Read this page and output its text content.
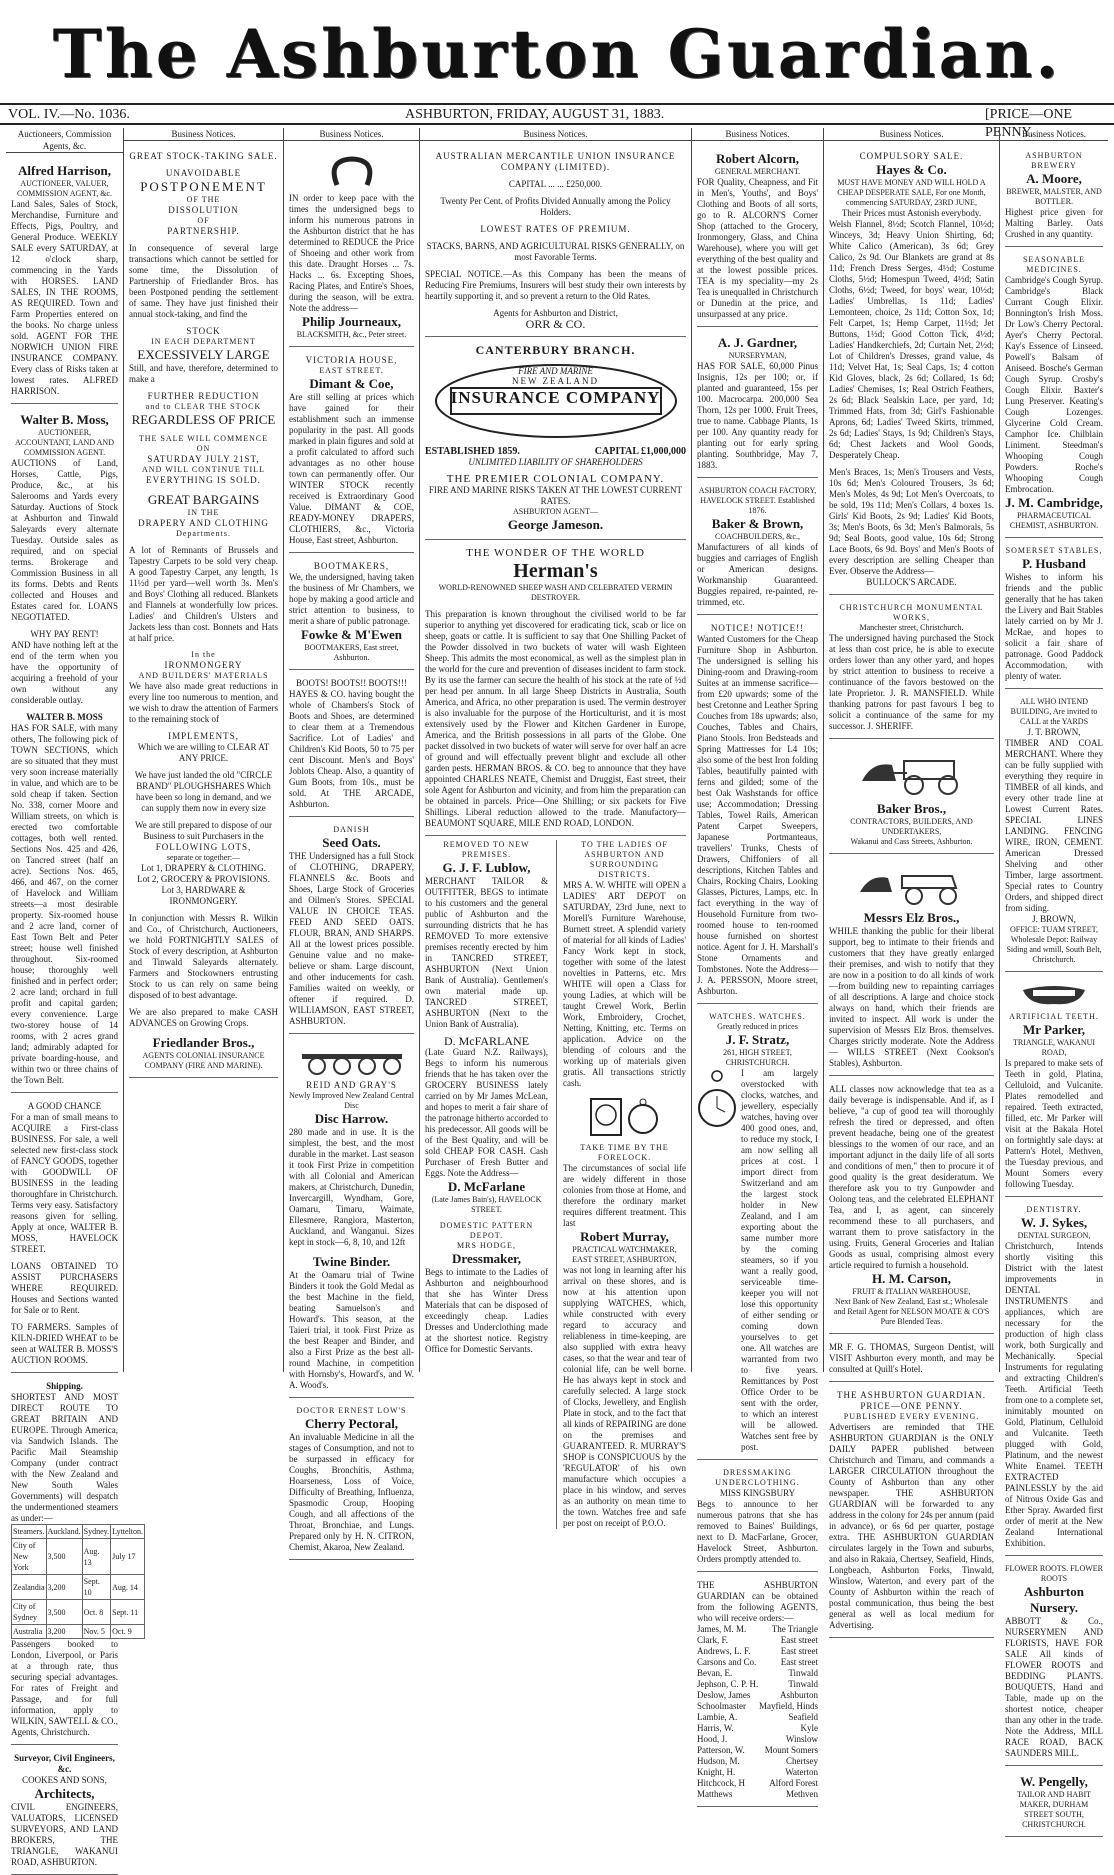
The Ashburton Guardian.
VOL. IV.—No. 1036.	ASHBURTON, FRIDAY, AUGUST 31, 1883.	[PRICE—ONE PENNY.
Auctioneers, Commission Agents, &c.
Alfred Harrison,
AUCTIONEER, VALUER, COMMISSION AGENT, &c.
Land Sales, Sales of Stock, Merchandise, Furniture and Effects, Pigs, Poultry, and General Produce. WEEKLY SALE every SATURDAY, at 12 o'clock sharp, commencing in the Yards with HORSES. LAND SALES, IN THE ROOMS, AS REQUIRED. Town and Farm Properties entered on the books. No charge unless sold. AGENT FOR THE NORWICH UNION FIRE INSURANCE COMPANY. Every class of Risks taken at lowest rates. ALFRED HARRISON.
Walter B. Moss,
AUCTIONEER, ACCOUNTANT, LAND AND COMMISSION AGENT.
AUCTIONS of Land, Horses, Cattle, Pigs, Produce, &c., at his Salerooms and Yards every Saturday. Auctions of Stock at Ashburton and Tinwald Saleyards every alternate Tuesday. Outside sales as required, and on special terms. Brokerage and Commission Business in all its forms. Debts and Rents collected and Houses and Estates cared for. LOANS NEGOTIATED.
WHY PAY RENT!
AND have nothing left at the end of the term when you have the opportunity of acquiring a freehold of your own without any considerable outlay.
WALTER B. MOSS
HAS FOR SALE, with many others, The following pick of TOWN SECTIONS, which are so situated that they must very soon increase materially in value, and which are to be sold cheap if taken. Section No. 338, corner Moore and William streets, on which is erected two comfortable cottages, both well rented. Sections Nos. 425 and 426, on Tancred street (half an acre). Sections Nos. 465, 466, and 467, on the corner of Havelock and William streets—a most desirable property. Six-roomed house and 2 acre land, corner of East Town Belt and Peter street; house well finished throughout. Six-roomed house; thoroughly well finished and in perfect order; 2 acre land; orchard in full profit and capital garden; every convenience. Large two-storey house of 14 rooms, with 2 acres grand land; admirably adapted for private boarding-house, and within two or three chains of the Town Belt.
A GOOD CHANCE
For a man of small means to ACQUIRE a First-class BUSINESS. For sale, a well selected new first-class stock of FANCY GOODS, together with GOODWILL OF BUSINESS in the leading thoroughfare in Christchurch. Terms very easy. Satisfactory reasons given for selling. Apply at once, WALTER B. MOSS, HAVELOCK STREET.
LOANS OBTAINED TO ASSIST PURCHASERS WHERE REQUIRED. Houses and Sections wanted for Sale or to Rent.
TO FARMERS. Samples of KILN-DRIED WHEAT to be seen at WALTER B. MOSS'S AUCTION ROOMS.
Shipping.
SHORTEST AND MOST DIRECT ROUTE TO GREAT BRITAIN AND EUROPE. Through America, via Sandwich Islands. The Pacific Mail Steamship Company (under contract with the New Zealand and New South Wales Governments) will despatch the undermentioned steamers as under:—
Steamers.	Auckland.	Sydney.	Lyttelton.
City of New York	3,500	Aug. 13	July 17
Zealandia	3,200	Sept. 10	Aug. 14
City of Sydney	3,500	Oct. 8	Sept. 11
Australia	3,200	Nov. 5	Oct. 9
Passengers booked to London, Liverpool, or Paris at a through rate, thus securing special advantages. For rates of Freight and Passage, and for full information, apply to WILKIN, SAWTELL & CO., Agents, Christchurch.
Surveyor, Civil Engineers, &c.
COOKES AND SONS,
Architects,
CIVIL ENGINEERS, VALUATORS, LICENSED SURVEYORS, AND LAND BROKERS, THE TRIANGLE, WAKANUI ROAD, ASHBURTON.
Business Notices.
GREAT STOCK-TAKING SALE.
UNAVOIDABLE
POSTPONEMENT
OF THE
DISSOLUTION
OF
PARTNERSHIP.
In consequence of several large transactions which cannot be settled for some time, the Dissolution of Partnership of Friedlander Bros. has been Postponed pending the settlement of same. They have just finished their annual stock-taking, and find the
STOCK
IN EACH DEPARTMENT
EXCESSIVELY LARGE
Still, and have, therefore, determined to make a
FURTHER REDUCTION
and to CLEAR THE STOCK
REGARDLESS OF PRICE
THE SALE WILL COMMENCE
ON
SATURDAY JULY 21ST,
AND WILL CONTINUE TILL
EVERYTHING IS SOLD.
GREAT BARGAINS
IN THE
DRAPERY AND CLOTHING
Departments.
A lot of Remnants of Brussels and Tapestry Carpets to be sold very cheap. A good Tapestry Carpet, any length, 1s 11½d per yard—well worth 3s. Men's and Boys' Clothing all reduced. Blankets and Flannels at wonderfully low prices. Ladies' and Children's Ulsters and Jackets less than cost. Bonnets and Hats at half price.
In the
IRONMONGERY
AND BUILDERS' MATERIALS
We have also made great reductions in every line too numerous to mention, and we wish to draw the attention of Farmers to the remaining stock of
IMPLEMENTS,
Which we are willing to CLEAR AT ANY PRICE.
We have just landed the old "CIRCLE BRAND" PLOUGHSHARES Which have been so long in demand, and we can supply them now in every size
We are still prepared to dispose of our Business to suit Purchasers in the
FOLLOWING LOTS,
separate or together:—
Lot 1, DRAPERY & CLOTHING.
Lot 2, GROCERY & PROVISIONS.
Lot 3, HARDWARE & IRONMONGERY.
In conjunction with Messrs R. Wilkin and Co., of Christchurch, Auctioneers, we hold FORTNIGHTLY SALES of Stock of every description, at Ashburton and Tinwald Saleyards alternately. Farmers and Stockowners entrusting Stock to us can rely on same being disposed of to best advantage.
We are also prepared to make CASH ADVANCES on Growing Crops.
Friedlander Bros.,
AGENTS COLONIAL INSURANCE COMPANY (FIRE AND MARINE).
Business Notices.
IN order to keep pace with the times the undersigned begs to inform his numerous patrons in the Ashburton district that he has determined to REDUCE the Price of Shoeing and other work from this date. Draught Horses ... 7s. Hacks ... 6s. Excepting Shoes, Racing Plates, and Entire's Shoes, during the season, will be extra. Note the address—
Philip Journeaux,
BLACKSMITH, &c., Peter street.
VICTORIA HOUSE,
EAST STREET.
Dimant & Coe,
Are still selling at prices which have gained for their establishment such an immense popularity in the past. All goods marked in plain figures and sold at a profit calculated to afford such advantages as no other house town can permanently offer. Our WINTER STOCK recently received is Extraordinary Good Value. DIMANT & COE, READY-MONEY DRAPERS, CLOTHIERS, &c., Victoria House, East street, Ashburton.
BOOTMAKERS,
We, the undersigned, having taken the business of Mr Chambers, we hope by making a good article and strict attention to business, to merit a share of public patronage.
Fowke & M'Ewen
BOOTMAKERS, East street, Ashburton.
BOOTS! BOOTS!! BOOTS!!!
HAYES & CO. having bought the whole of Chambers's Stock of Boots and Shoes, are determined to clear them at a Tremendous Sacrifice. Lot of Ladies' and Children's Kid Boots, 50 to 75 per cent Discount. Men's and Boys' Joblots Cheap. Also, a quantity of Gum Boots, from 10s., must be sold. At THE ARCADE, Ashburton.
DANISH
Seed Oats.
THE Undersigned has a full Stock of CLOTHING, DRAPERY, FLANNELS &c. Boots and Shoes, Large Stock of Groceries and Oilmen's Stores. SPECIAL VALUE IN CHOICE TEAS. FEED AND SEED OATS. FLOUR, BRAN, AND SHARPS. All at the lowest prices possible. Genuine value and no make-believe or sham. Large discount, and other inducements for cash. Families waited on weekly, or oftener if required. D. WILLIAMSON, EAST STREET, ASHBURTON.
REID AND GRAY'S
Newly Improved New Zealand Central Disc
Disc Harrow.
280 made and in use. It is the simplest, the best, and the most durable in the market. Last season it took First Prize in competition with all Colonial and American makers, at Christchurch, Dunedin, Invercargill, Wyndham, Gore, Oamaru, Timaru, Waimate, Ellesmere, Rangiora, Masterton, Auckland, and Wanganui. Sizes kept in stock—6, 8, 10, and 12ft
Twine Binder.
At the Oamaru trial of Twine Binders it took the Gold Medal as the best Machine in the field, beating Samuelson's and Howard's. This season, at the Taieri trial, it took First Prize as the best Reaper and Binder, and also a First Prize as the best all-round Machine, in competition with Hornsby's, Howard's, and W. A. Wood's.
DOCTOR ERNEST LOW'S
Cherry Pectoral,
An invaluable Medicine in all the stages of Consumption, and not to be surpassed in efficacy for Coughs, Bronchitis, Asthma, Hoarseness, Loss of Voice, Difficulty of Breathing, Influenza, Spasmodic Croup, Hooping Cough, and all affections of the Throat, Bronchiae, and Lungs. Prepared only by H. N. CITRON, Chemist, Akaroa, New Zealand.
Business Notices.
AUSTRALIAN MERCANTILE UNION INSURANCE COMPANY (LIMITED).
CAPITAL ... ... £250,000.
Twenty Per Cent. of Profits Divided Annually among the Policy Holders.
LOWEST RATES OF PREMIUM.
STACKS, BARNS, AND AGRICULTURAL RISKS GENERALLY, on most Favorable Terms.
SPECIAL NOTICE.—As this Company has been the means of Reducing Fire Premiums, Insurers will best study their own interests by heartily supporting it, and so prevent a return to the Old Rates.
Agents for Ashburton and District,
ORR & CO.
CANTERBURY BRANCH.
FIRE AND MARINE
NEW ZEALAND
INSURANCE COMPANY
ESTABLISHED 1859.	CAPITAL £1,000,000
UNLIMITED LIABILITY OF SHAREHOLDERS
THE PREMIER COLONIAL COMPANY.
FIRE AND MARINE RISKS TAKEN AT THE LOWEST CURRENT RATES.
ASHBURTON AGENT—
George Jameson.
THE WONDER OF THE WORLD
Herman's
WORLD-RENOWNED SHEEP WASH AND CELEBRATED VERMIN DESTROYER.
This preparation is known throughout the civilised world to be far superior to anything yet discovered for eradicating tick, scab or lice on sheep, goats or cattle. It is sufficient to say that One Shilling Packet of the Powder dissolved in two buckets of water will wash Eighteen Sheep. This admits the most economical, as well as the simplest plan in the world for the cure and prevention of diseases incident to farm stock. By its use the farmer can secure the health of his stock at the rate of ½d per head per annum. In all large Sheep Districts in Australia, South America, and Africa, no other preparation is used. The vermin destroyer is also invaluable for the purpose of the Horticulturist, and it is most extensively used by the Flower and Kitchen Gardener in Europe, America, and the British possessions in all parts of the Globe. One packet dissolved in two buckets of water will serve for over half an acre of ground and will effectually prevent blight and exclude all other garden pests. HERMAN BROS. & CO. beg to announce that they have appointed CHARLES NEATE, Chemist and Druggist, East street, their sole Agent for Ashburton and vicinity, and from him the preparation can be obtained in parcels. Price—One Shilling; or six packets for Five Shillings. Liberal reduction allowed to the trade. Manufactory—BEAUMONT SQUARE, MILE END ROAD, LONDON.
REMOVED TO NEW PREMISES.
G. J. F. Lublow,
MERCHANT TAILOR & OUTFITTER, BEGS to intimate to his customers and the general public of Ashburton and the surrounding districts that he has REMOVED To more extensive premises recently erected by him in TANCRED STREET, ASHBURTON (Next Union Bank of Australia). Gentlemen's own material made up. TANCRED STREET, ASHBURTON (Next to the Union Bank of Australia).
D. McFARLANE
(Late Guard N.Z. Railways), Begs to inform his numerous friends that he has taken over the GROCERY BUSINESS lately carried on by Mr James McLean, and hopes to merit a fair share of the patronage hitherto accorded to his predecessor. All goods will be of the Best Quality, and will be sold CHEAP FOR CASH. Cash Purchaser of Fresh Butter and Eggs. Note the Address—
D. McFarlane
(Late James Bain's), HAVELOCK STREET.
DOMESTIC PATTERN DEPOT.
MRS HODGE,
Dressmaker,
Begs to intimate to the Ladies of Ashburton and neighbourhood that she has Winter Dress Materials that can be disposed of exceedingly cheap. Ladies Dresses and Underclothing made at the shortest notice. Registry Office for Domestic Servants.
TO THE LADIES OF ASHBURTON AND SURROUNDING DISTRICTS.
MRS A. W. WHITE will OPEN a LADIES' ART DEPOT on SATURDAY, 23rd June, next to Morell's Furniture Warehouse, Burnett street. A splendid variety of material for all kinds of Ladies' Fancy Work kept in stock, together with some of the latest novelties in Patterns, etc. Mrs WHITE will open a Class for young Ladies, at which will be taught Crewel Work, Berlin Work, Embroidery, Crochet, Netting, Knitting, etc. Terms on application. Advice on the blending of colours and the working up of materials given gratis. All transactions strictly cash.
TAKE TIME BY THE FORELOCK.
The circumstances of social life are widely different in those colonies from those at Home, and therefore the ordinary market requires different treatment. This last
Robert Murray,
PRACTICAL WATCHMAKER, EAST STREET, ASHBURTON,
was not long in learning after his arrival on these shores, and is now at his attention upon supplying WATCHES, which, while constructed with every regard to accuracy and reliableness in time-keeping, are also supplied with extra heavy cases, so that the wear and tear of colonial life, can be well borne. He has always kept in stock and carefully selected. A large stock of Clocks, Jewellery, and English Plate in stock, and to the fact that all kinds of REPAIRING are done on the premises and GUARANTEED. R. MURRAY'S SHOP is CONSPICUOUS by the 'REGULATOR' of his own manufacture which occupies a place in his window, and serves as an authority on mean time to the town. Watches free and safe per post on receipt of P.O.O.
Business Notices.
Robert Alcorn,
GENERAL MERCHANT.
FOR Quality, Cheapness, and Fit in Men's, Youths', and Boys' Clothing and Boots of all sorts, go to R. ALCORN'S Corner Shop (attached to the Grocery, Ironmongery, Glass, and China Warehouse), where you will get everything of the best quality and at the lowest possible prices. TEA is my speciality—my 2s Tea is unequalled in Christchurch or Dunedin at the price, and unsurpassed at any price.
A. J. Gardner,
NURSERYMAN,
HAS FOR SALE, 60,000 Pinus Insignis, 12s per 100; or, if planted and guaranteed, 15s per 100. Macrocarpa. 200,000 Sea Thorn, 12s per 1000. Fruit Trees, true to name. Cabbage Plants, 1s per 100. Any quantity ready for planting out for early spring planting. Southbridge, May 7, 1883.
ASHBURTON COACH FACTORY,
HAVELOCK STREET. Established 1876.
Baker & Brown,
COACHBUILDERS, &c.,
Manufacturers of all kinds of buggies and carriages of English or American designs. Workmanship Guaranteed. Buggies repaired, re-painted, re-trimmed, etc.
NOTICE! NOTICE!!
Wanted Customers for the Cheap Furniture Shop in Ashburton. The undersigned is selling his Dining-room and Drawing-room Suites at an immense sacrifice—from £20 upwards; some of the best Cretonne and Leather Spring Couches from 18s upwards; also, Couches, Tables and Chairs, Piano Stools. Iron Bedsteads and Spring Mattresses for L4 10s; also some of the best Iron folding Tables, beautifully painted with ferns and gilded; some of the best Oak Washstands for office use; Accommodation; Dressing Tables, Towel Rails, American Patent Carpet Sweepers, Japanese Portmanteaus, travellers' Trunks, Chests of Drawers, Chiffoniers of all descriptions, Kitchen Tables and Chairs, Rocking Chairs, Looking Glasses, Pictures, Lamps, etc. In fact everything in the way of Household Furniture from two-roomed house to ten-roomed house furnished on shortest notice. Agent for J. H. Marshall's Stone Ornaments and Tombstones. Note the Address—J. A. PERSSON, Moore street, Ashburton.
WATCHES. WATCHES.
Greatly reduced in prices
J. F. Stratz,
261, HIGH STREET,
CHRISTCHURCH.
I am largely overstocked with clocks, watches, and jewellery, especially watches, having over 400 good ones, and, to reduce my stock, I am now selling all prices at cost. I import direct from Switzerland and am the largest stock holder in New Zealand, and I am exporting about the same number more by the coming steamers, so if you want a really good, serviceable time-keeper you will not lose this opportunity of either sending or coming down yourselves to get one. All watches are warranted from two to five years. Remittances by Post Office Order to be sent with the order, to which an interest will be allowed. Watches sent free by post.
DRESSMAKING UNDERCLOTHING.
MISS KINGSBURY
Begs to announce to her numerous patrons that she has removed to Baines' Buildings, next to D. MacFarlane, Grocer, Havelock Street, Ashburton. Orders promptly attended to.
THE ASHBURTON GUARDIAN can be obtained from the following AGENTS, who will receive orders:—
James, M. M.	The Triangle
Clark, F.	East street
Andrews, L. F.	East street
Carsons and Co.	East street
Bevan, E.	Tinwald
Jephson, C. P. H.	Tinwald
Deslow, James	Ashburton
Schoolmaster Mayfield, Hinds
Lambie, A.	Seafield
Harris, W.	Kyle
Hood, J.	Winslow
Patterson, W. Mount Somers
Hudson, M.	Chertsey
Knight, H.	Waterton
Hitchcock, H	Alford Forest
Matthews	Methven
Business Notices.
COMPULSORY SALE.
Hayes & Co.
MUST HAVE MONEY AND WILL HOLD A CHEAP DESPERATE SALE, For one Month, commencing SATURDAY, 23RD JUNE,
Their Prices must Astonish everybody.
Welsh Flannel, 8½d; Scotch Flannel, 10½d; Winceys, 3d; Heavy Union Shirting, 6d; White Calico (American), 3s 6d; Grey Calico, 2s 9d. Our Blankets are grand at 8s 11d; French Dress Serges, 4½d; Costume Cloths, 5½d; Homespun Tweed, 4½d; Satin Cloths, 6½d; Tweed, for boys' wear, 10½d; Ladies' Umbrellas, 1s 11d; Ladies' Lemonteen, choice, 2s 11d; Cotton Sox, 1d; Felt Carpet, 1s; Hemp Carpet, 11½d; Jet Buttons, 1½d; Good Cotton Tick, 4½d; Ladies' Handkerchiefs, 2d; Curtain Net, 2½d; Lot of Children's Dresses, grand value, 4s 11d; Velvet Hat, 1s; Seal Caps, 1s; 4 cotton Kid Gloves, black, 2s 6d; Collared, 1s 6d; Ladies' Chemises, 1s; Real Ostrich Feathers, 2s 6d; Black Sealskin Lace, per yard, 1d; Trimmed Hats, from 3d; Girl's Fashionable Aprons, 6d; Ladies' Tweed Skirts, trimmed, 2s 6d; Ladies' Stays, 1s 9d; Children's Stays, 6d; Chest Jackets and Wool Goods, Desperately Cheap.
Men's Braces, 1s; Men's Trousers and Vests, 10s 6d; Men's Coloured Trousers, 3s 6d; Men's Moles, 4s 9d; Lot Men's Overcoats, to be sold, 19s 11d; Men's Collars, 4 boxes 1s. Girls' Kid Boots, 2s 9d; Ladies' Kid Boots, 3s; Men's Boots, 6s 3d; Men's Balmorals, 5s 9d; Seal Boots, good value, 10s 6d; Strong Lace Boots, 6s 9d. Boys' and Men's Boots of every description are selling Cheaper than Ever. Observe the Address—
BULLOCK'S ARCADE.
CHRISTCHURCH MONUMENTAL WORKS,
Manchester street, Christchurch.
The undersigned having purchased the Stock at less than cost price, he is able to execute orders lower than any other yard, and hopes by strict attention to business to receive a continuance of the favors bestowed on the late Proprietor. J. R. MANSFIELD. While thanking patrons for past favours I beg to solicit a continuance of the same for my successor. J. SHERIFF.
Baker Bros.,
CONTRACTORS, BUILDERS, AND UNDERTAKERS,
Wakanui and Cass Streets, Ashburton.
Messrs Elz Bros.,
WHILE thanking the public for their liberal support, beg to intimate to their friends and customers that they have greatly enlarged their premises, and wish to notify that they are now in a position to do all kinds of work—from building new to repainting carriages of all descriptions. A large and choice stock always on hand, which their friends are invited to inspect. All work is under the supervision of Messrs Elz Bros. themselves. Charges strictly moderate. Note the Address— WILLS STREET (Next Cookson's Stables), Ashburton.
ALL classes now acknowledge that tea as a daily beverage is indispensable. And if, as I believe, "a cup of good tea will thoroughly refresh the tired or depressed, and often prevent headache, being one of the greatest blessings to the women of our race, and an important adjunct in the daily life of all sorts and conditions of men," then to procure it of good quality is the great desideratum. We therefore ask you to try Gunpowder and Oolong teas, and the celebrated ELEPHANT Tea, and I, as agent, can sincerely recommend these to all purchasers, and warrant them to prove satisfactory in the using. Fruits, General Groceries and Italian Goods as usual, comprising almost every article required to furnish a household.
H. M. Carson,
FRUIT & ITALIAN WAREHOUSE,
Next Bank of New Zealand, East st.; Wholesale and Retail Agent for NELSON MOATE & CO'S Pure Blended Teas.
MR F. G. THOMAS, Surgeon Dentist, will VISIT Ashburton every month, and may be consulted at Quill's Hotel.
THE ASHBURTON GUARDIAN.
PRICE—ONE PENNY.
PUBLISHED EVERY EVENING.
Advertisers are reminded that THE ASHBURTON GUARDIAN is the ONLY DAILY PAPER published between Christchurch and Timaru, and commands a LARGER CIRCULATION throughout the County of Ashburton than any other newspaper. THE ASHBURTON GUARDIAN will be forwarded to any address in the colony for 24s per annum (paid in advance), or 6s 6d per quarter, postage extra. THE ASHBURTON GUARDIAN circulates largely in the Town and suburbs, and also in Rakaia, Chertsey, Seafield, Hinds, Longbeach, Ashburton Forks, Tinwald, Winslow, Waterton, and every part of the County of Ashburton within the reach of postal communication, thus being the best general as well as local medium for Advertising.
Business Notices.
ASHBURTON BREWERY
A. Moore,
BREWER, MALSTER, AND BOTTLER.
Highest price given for Malting Barley. Oats Crushed in any quantity.
SEASONABLE MEDICINES.
Cambridge's Cough Syrup. Cambridge's Black Currant Cough Elixir. Bonnington's Irish Moss. Dr Low's Cherry Pectoral. Ayer's Cherry Pectoral. Kay's Essence of Linseed. Powell's Balsam of Aniseed. Bosche's German Cough Syrup. Crosby's Cough Elixir. Baxter's Lung Preserver. Keating's Cough Lozenges. Glycerine Cold Cream. Camphor Ice. Chilblain Liniment. Steedman's Whooping Cough Powders. Roche's Whooping Cough Embrocation.
J. M. Cambridge,
PHARMACEUTICAL CHEMIST, ASHBURTON.
SOMERSET STABLES,
P. Husband
Wishes to inform his friends and the public generally that he has taken the Livery and Bait Stables lately carried on by Mr J. McRae, and hopes to solicit a fair share of patronage. Good Paddock Accommodation, with plenty of water.
ALL WHO INTEND BUILDING, Are invited to CALL at the YARDS
J. T. BROWN,
TIMBER AND COAL MERCHANT. Where they can be fully supplied with everything they require in TIMBER of all kinds, and every other trade line at Lowest Current Rates. SPECIAL LINES LANDING. FENCING WIRE, IRON, CEMENT. American Dressed Shelving and other Timber, large assortment. Special rates to Country Orders, and shipped direct from siding.
J. BROWN,
OFFICE: TUAM STREET, Wholesale Depot: Railway Siding and wmill, South Belt, Christchurch.
ARTIFICIAL TEETH.
Mr Parker,
TRIANGLE, WAKANUI ROAD,
Is prepared to make sets of Teeth in gold, Platina, Celluloid, and Vulcanite. Plates remodelled and repaired. Teeth extracted, filled, etc. Mr Parker will visit at the Bakala Hotel on fortnightly sale days: at Pattern's Hotel, Methven, the Tuesday previous, and Mount Somers every following Tuesday.
DENTISTRY.
W. J. Sykes,
DENTAL SURGEON,
Christchurch, Intends shortly visiting this District with the latest improvements in DENTAL INSTRUMENTS and appliances, which are necessary for the production of high class work, both Surgically and Mechanically. Special Instruments for regulating and extracting Children's Teeth. Artificial Teeth from one to a complete set, inimitably mounted on Gold, Platinum, Celluloid and Vulcanite. Teeth plugged with Gold, Platinum, and the newest White Enamel. TEETH EXTRACTED PAINLESSLY by the aid of Nitrous Oxide Gas and Ether Spray. Awarded first order of merit at the New Zealand International Exhibition.
FLOWER ROOTS. FLOWER ROOTS
Ashburton Nursery.
ABBOTT & Co., NURSERYMEN AND FLORISTS, HAVE FOR SALE All kinds of FLOWER ROOTS and BEDDING PLANTS. BOUQUETS, Hand and Table, made up on the shortest notice, cheaper than any other in the trade. Note the Address, MILL RACE ROAD, BACK SAUNDERS MILL.
W. Pengelly,
TAILOR AND HABIT MAKER, DURHAM STREET SOUTH, CHRISTCHURCH.
